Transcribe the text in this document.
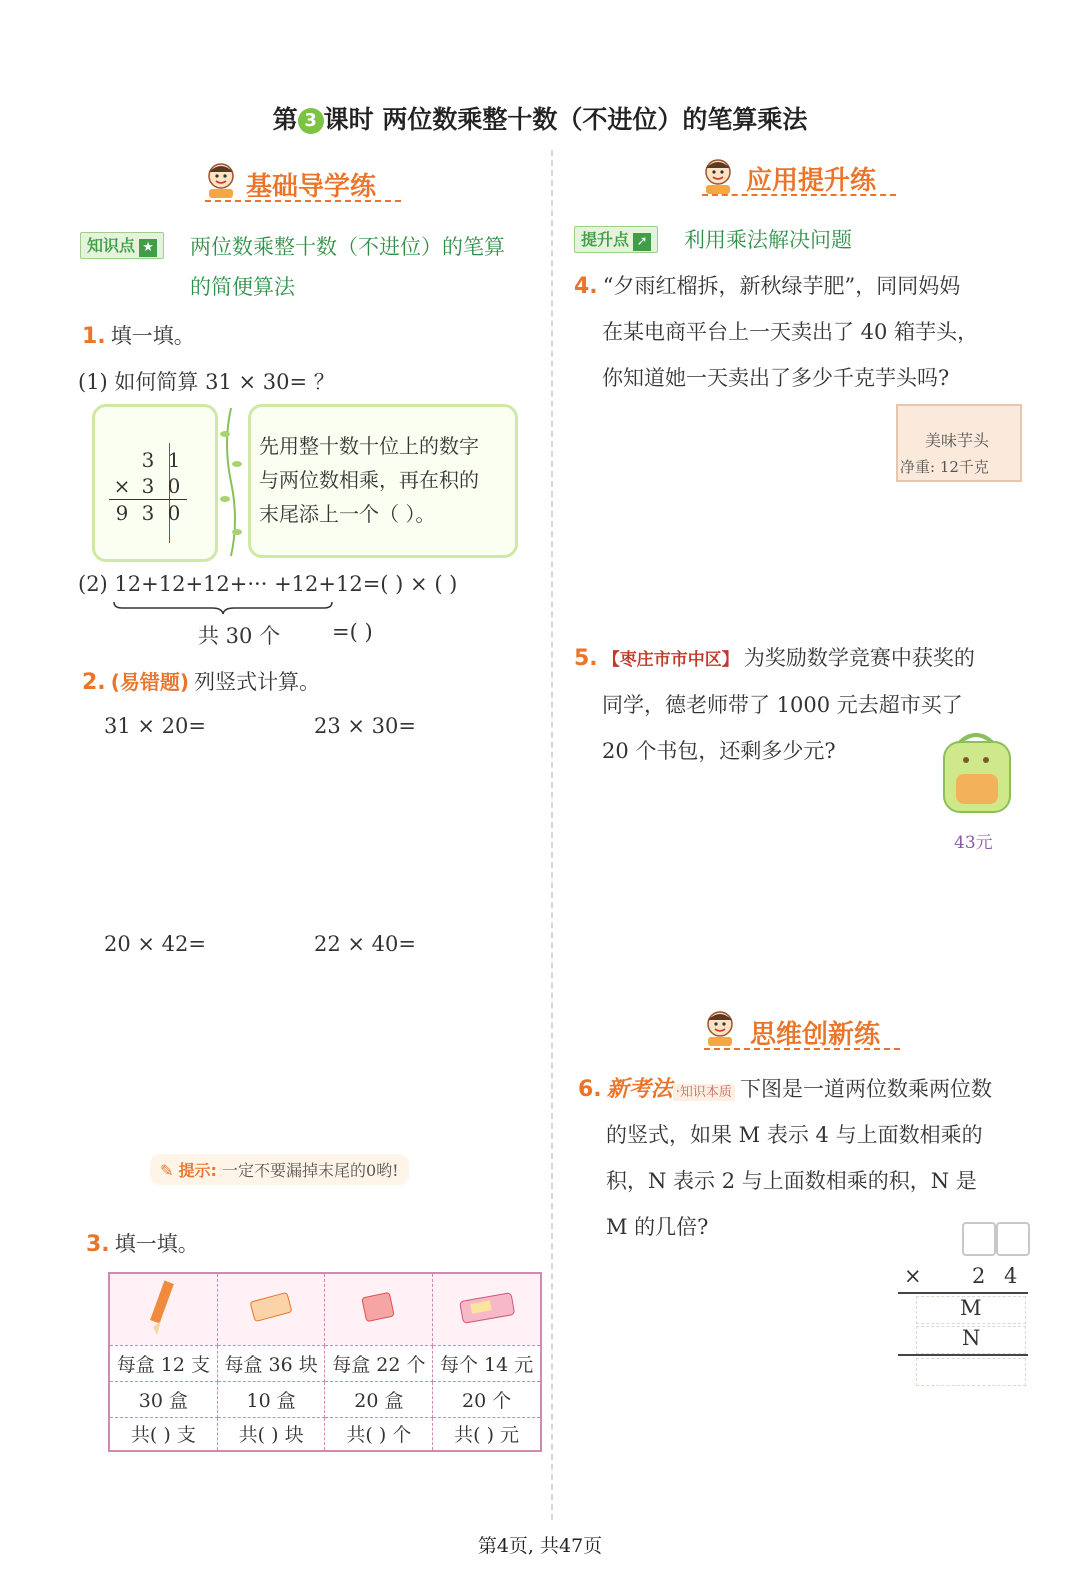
第 3 课时 两位数乘整十数（不进位）的笔算乘法
基础导学练
知识点 ★	两位数乘整十数（不进位）的笔算
的简便算法
1. 填一填。
(1) 如何简算 31 × 30= ？
	3	1
×	3	0
9	3	0
先用整十数十位上的数字
与两位数相乘，再在积的
末尾添上一个（ ）。
(2) 12+12+12+··· +12+12=( ) × ( )
共 30 个 =( )
2. (易错题) 列竖式计算。
31 × 20=	23 × 30=
20 × 42=	22 × 40=
✎ 提示: 一定不要漏掉末尾的0哟!
3. 填一填。

每盒 12 支	每盒 36 块	每盒 22 个	每个 14 元
30 盒	10 盒	20 盒	20 个
共( ) 支	共( ) 块	共( ) 个	共( ) 元
应用提升练
提升点 ➚	利用乘法解决问题
4. “夕雨红榴拆，新秋绿芋肥”，同同妈妈
在某电商平台上一天卖出了 40 箱芋头，
你知道她一天卖出了多少千克芋头吗?
美味芋头
净重: 12千克
5. 【枣庄市市中区】 为奖励数学竞赛中获奖的
同学，德老师带了 1000 元去超市买了
20 个书包，还剩多少元?
43元
思维创新练
6. 新考法 ·知识本质 下图是一道两位数乘两位数
的竖式，如果 M 表示 4 与上面数相乘的
积，N 表示 2 与上面数相乘的积，N 是
M 的几倍?
× 2 4
M
N
第4页, 共47页
